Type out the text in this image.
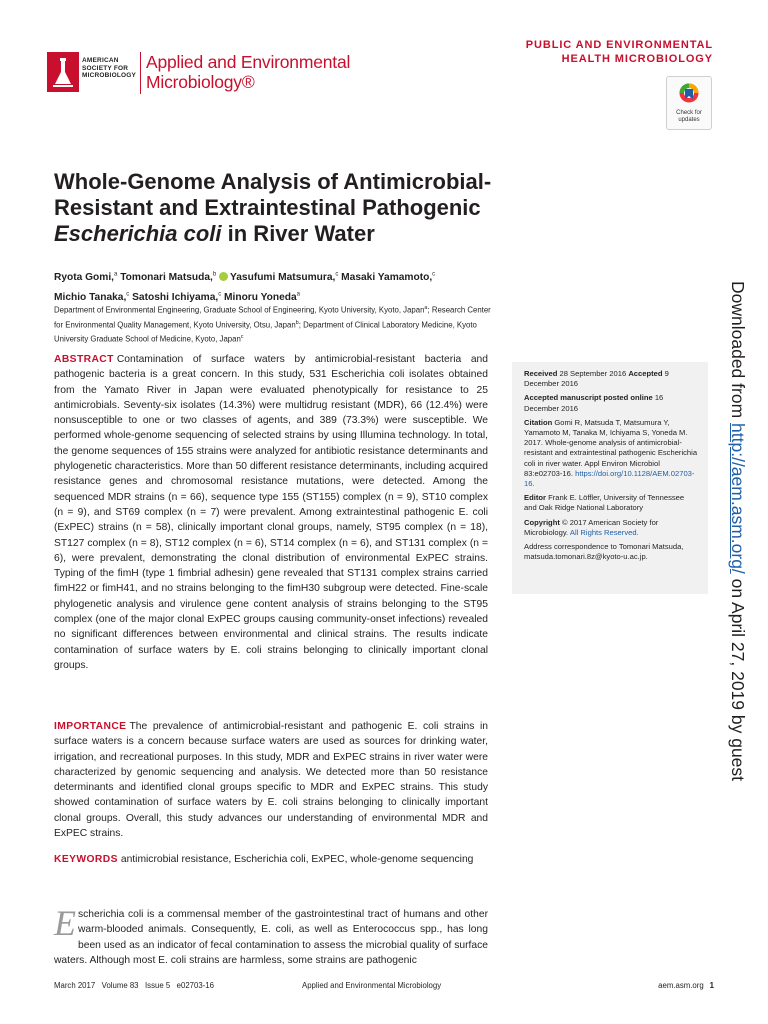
AMERICAN
SOCIETY FOR
MICROBIOLOGY
Applied and Environmental
Microbiology®
PUBLIC AND ENVIRONMENTAL
HEALTH MICROBIOLOGY
Check for
updates
Whole-Genome Analysis of Antimicrobial-
Resistant and Extraintestinal Pathogenic
Escherichia coli in River Water
Ryota Gomi,$^a$ Tomonari Matsuda,$^b$ Yasufumi Matsumura,$^c$ Masaki Yamamoto,$^c$
Michio Tanaka,$^c$ Satoshi Ichiyama,$^c$ Minoru Yoneda$^a$
Department of Environmental Engineering, Graduate School of Engineering, Kyoto University, Kyoto, Japan$^a$; Research Center for Environmental Quality Management, Kyoto University, Otsu, Japan$^b$; Department of Clinical Laboratory Medicine, Kyoto University Graduate School of Medicine, Kyoto, Japan$^c$
ABSTRACT Contamination of surface waters by antimicrobial-resistant bacteria and pathogenic bacteria is a great concern. In this study, 531 Escherichia coli isolates obtained from the Yamato River in Japan were evaluated phenotypically for resistance to 25 antimicrobials. Seventy-six isolates (14.3%) were multidrug resistant (MDR), 66 (12.4%) were nonsusceptible to one or two classes of agents, and 389 (73.3%) were susceptible. We performed whole-genome sequencing of selected strains by using Illumina technology. In total, the genome sequences of 155 strains were analyzed for antibiotic resistance determinants and phylogenetic characteristics. More than 50 different resistance determinants, including acquired resistance genes and chromosomal resistance mutations, were detected. Among the sequenced MDR strains (n = 66), sequence type 155 (ST155) complex (n = 9), ST10 complex (n = 9), and ST69 complex (n = 7) were prevalent. Among extraintestinal pathogenic E. coli (ExPEC) strains (n = 58), clinically important clonal groups, namely, ST95 complex (n = 18), ST127 complex (n = 8), ST12 complex (n = 6), ST14 complex (n = 6), and ST131 complex (n = 6), were prevalent, demonstrating the clonal distribution of environmental ExPEC strains. Typing of the fimH (type 1 fimbrial adhesin) gene revealed that ST131 complex strains carried fimH22 or fimH41, and no strains belonging to the fimH30 subgroup were detected. Fine-scale phylogenetic analysis and virulence gene content analysis of strains belonging to the ST95 complex (one of the major clonal ExPEC groups causing community-onset infections) revealed no significant differences between environmental and clinical strains. The results indicate contamination of surface waters by E. coli strains belonging to clinically important clonal groups.
IMPORTANCE The prevalence of antimicrobial-resistant and pathogenic E. coli strains in surface waters is a concern because surface waters are used as sources for drinking water, irrigation, and recreational purposes. In this study, MDR and ExPEC strains in river water were characterized by genomic sequencing and analysis. We detected more than 50 resistance determinants and identified clonal groups specific to MDR and ExPEC strains. This study showed contamination of surface waters by E. coli strains belonging to clinically important clonal groups. Overall, this study advances our understanding of environmental MDR and ExPEC strains.
KEYWORDS antimicrobial resistance, Escherichia coli, ExPEC, whole-genome sequencing
Escherichia coli is a commensal member of the gastrointestinal tract of humans and other warm-blooded animals. Consequently, E. coli, as well as Enterococcus spp., has long been used as an indicator of fecal contamination to assess the microbial quality of surface waters. Although most E. coli strains are harmless, some strains are pathogenic

Received 28 September 2016 Accepted 9 December 2016

Accepted manuscript posted online 16 December 2016

Citation Gomi R, Matsuda T, Matsumura Y, Yamamoto M, Tanaka M, Ichiyama S, Yoneda M. 2017. Whole-genome analysis of antimicrobial-resistant and extraintestinal pathogenic Escherichia coli in river water. Appl Environ Microbiol 83:e02703-16. https://doi.org/10.1128/AEM.02703-16.

Editor Frank E. Löffler, University of Tennessee and Oak Ridge National Laboratory

Copyright © 2017 American Society for Microbiology. All Rights Reserved.

Address correspondence to Tomonari Matsuda, matsuda.tomonari.8z@kyoto-u.ac.jp.

Downloaded from http://aem.asm.org/ on April 27, 2019 by guest
March 2017   Volume 83   Issue 5   e02703-16	Applied and Environmental Microbiology	aem.asm.org 1
